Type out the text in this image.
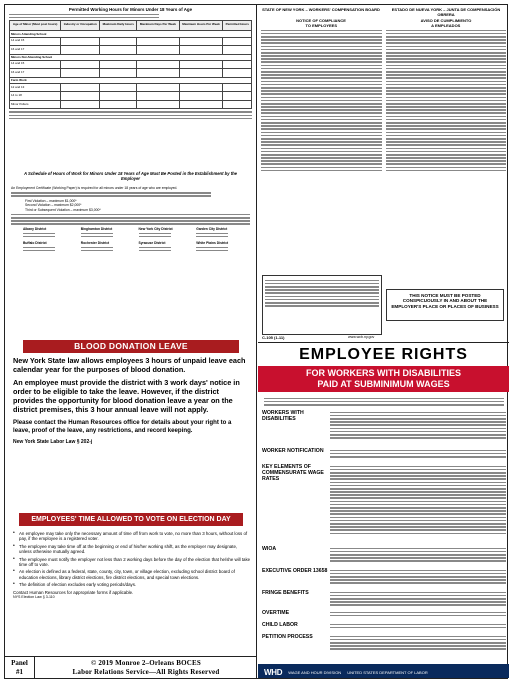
Permitted Working Hours for Minors Under 18 Years of Age
Age of Minor (Must post hours)	Industry or Occupation	Maximum Daily Hours	Maximum Days Per Week	Maximum Hours Per Week	Permitted Hours
Minors Attending School					
14 and 15					
16 and 17					
Minors Not Attending School					
14 and 15					
16 and 17					
Farm Work					
12 and 13					
14 to 18					
Minor Pollers					
A Schedule of Hours of Work for Minors Under 18 Years of Age Must Be Posted in the Establishment by the Employer
An Employment Certificate (Working Paper) is required for all minors under 18 years of age who are employed.
First Violation – maximum $1,000*
Second Violation – maximum $2,000*
Third or Subsequent Violation – maximum $3,000*
Albany District	Binghamton District	New York City District	Garden City District
Buffalo District	Rochester District	Syracuse District	White Plains District
BLOOD DONATION LEAVE

New York State law allows employees 3 hours of unpaid leave each calendar year for the purposes of blood donation.

An employee must provide the district with 3 work days' notice in order to be eligible to take the leave. However, if the district provides the opportunity for blood donation leave a year on the district premises, this 3 hour annual leave will not apply.

Please contact the Human Resources office for details about your right to a leave, proof of the leave, any restrictions, and record keeping.

New York State Labor Law § 202-j

EMPLOYEES' TIME ALLOWED TO VOTE ON ELECTION DAY
• An employee may take only the necessary amount of time off from work to vote, no more than 3 hours, without loss of pay, if the employee is a registered voter.
• The employee may take time off at the beginning or end of his/her working shift, as the employer may designate, unless otherwise mutually agreed.
• The employee must notify the employer not less than 2 working days before the day of the election that he/she will take time off to vote.
• An election is defined as a federal, state, county, city, town, or village election, excluding school district board of education elections, library district elections, fire district elections, and special town elections.
• The definition of election excludes early voting periods/days.
Contact Human Resources for appropriate forms if applicable.
NYS Election Law § 3-110
Panel
#1
© 2019 Monroe 2–Orleans BOCES
Labor Relations Service—All Rights Reserved
STATE OF NEW YORK – WORKERS' COMPENSATION BOARD	ESTADO DE NUEVA YORK – JUNTA DE COMPENSACIÓN OBRERA
NOTICE OF COMPLIANCE	AVISO DE CUMPLIMIENTO
TO EMPLOYEES	A EMPLEADOS
THIS NOTICE MUST BE POSTED CONSPICUOUSLY IN AND ABOUT THE EMPLOYER'S PLACE OR PLACES OF BUSINESS
C-105 (1-11)	www.wcb.ny.gov
EMPLOYEE RIGHTS
FOR WORKERS WITH DISABILITIES
PAID AT SUBMINIMUM WAGES
WORKERS WITH DISABILITIES
WORKER NOTIFICATION
KEY ELEMENTS OF COMMENSURATE WAGE RATES
WIOA
EXECUTIVE ORDER 13658
FRINGE BENEFITS
OVERTIME
CHILD LABOR
PETITION PROCESS
WHD WAGE AND HOUR DIVISION UNITED STATES DEPARTMENT OF LABOR
